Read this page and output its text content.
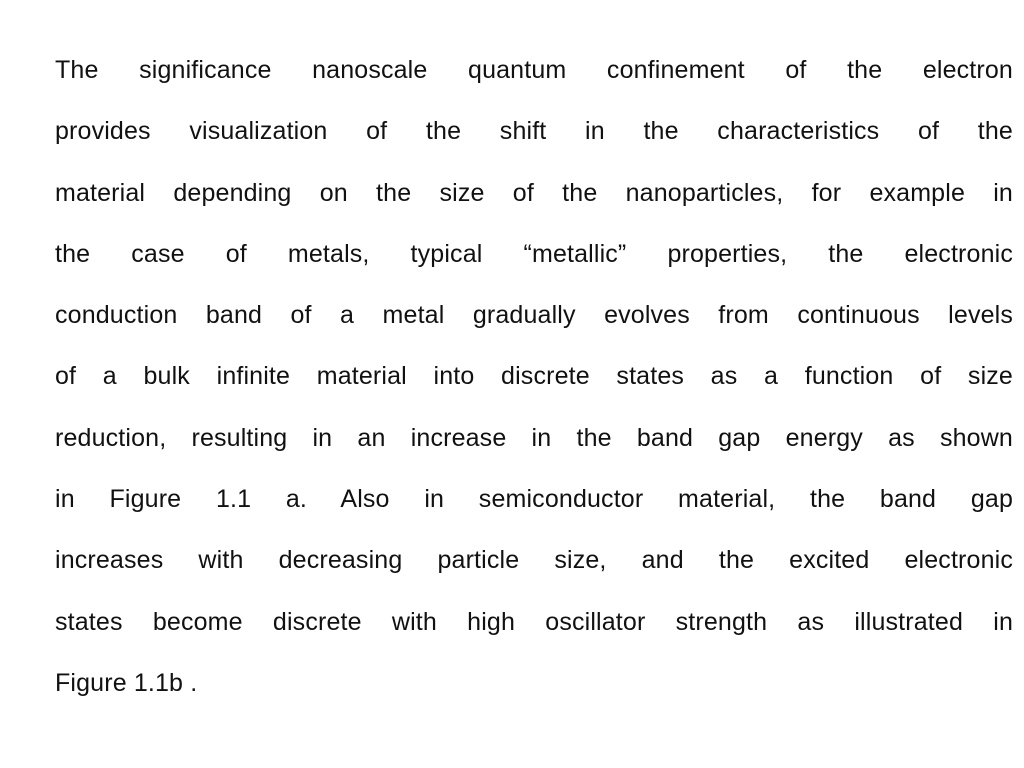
The significance nanoscale quantum confinement of the electron
provides visualization of the shift in the characteristics of the
material depending on the size of the nanoparticles, for example in
the case of metals, typical “metallic” properties, the electronic
conduction band of a metal gradually evolves from continuous levels
of a bulk infinite material into discrete states as a function of size
reduction, resulting in an increase in the band gap energy as shown
in Figure 1.1 a. Also in semiconductor material, the band gap
increases with decreasing particle size, and the excited electronic
states become discrete with high oscillator strength as illustrated in
Figure 1.1b .
